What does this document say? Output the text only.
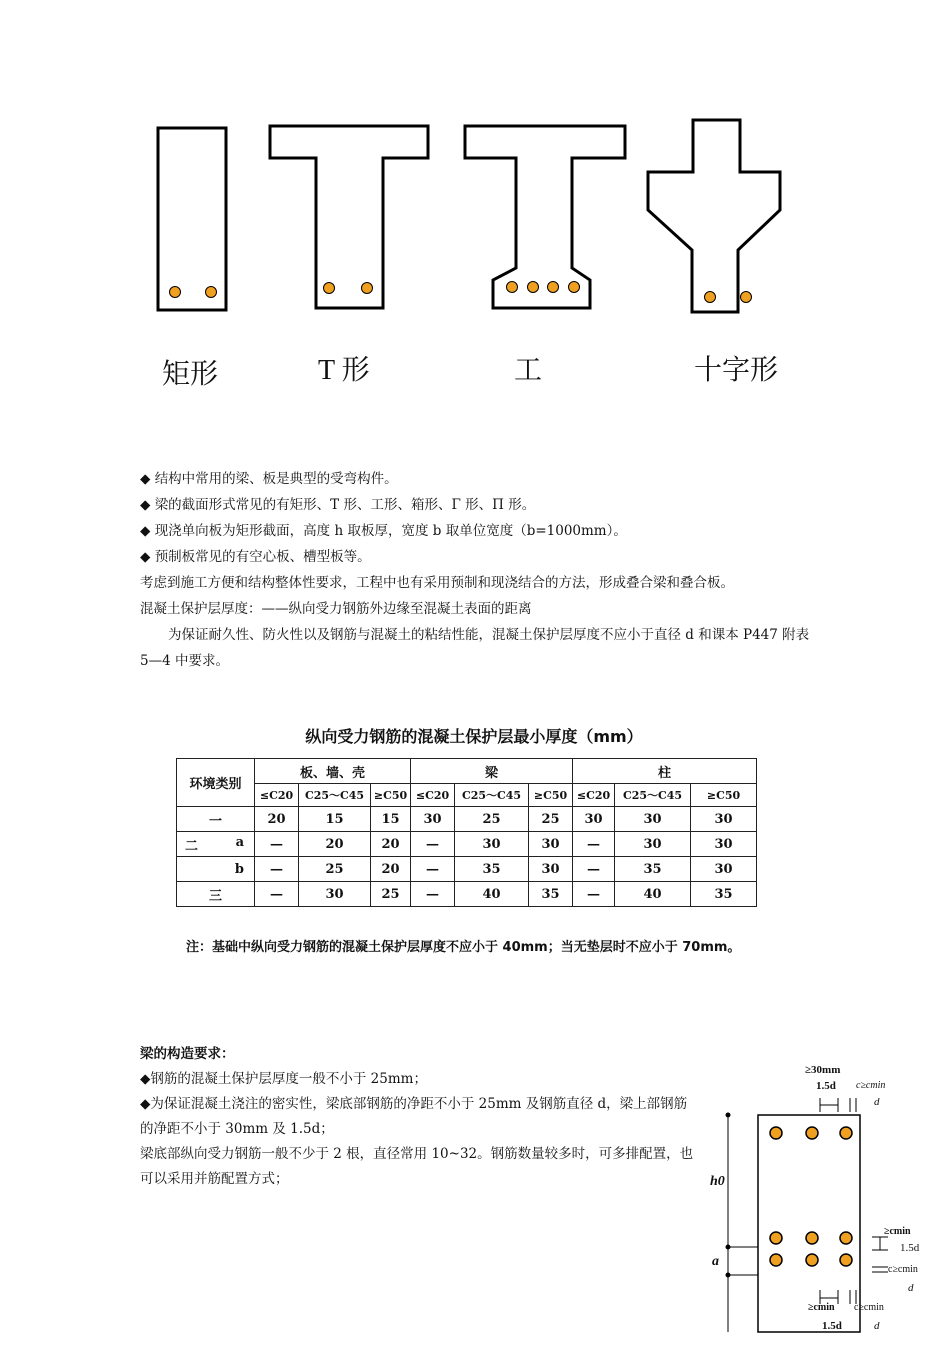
矩形	T 形	工	十字形

◆ 结构中常用的梁、板是典型的受弯构件。

◆ 梁的截面形式常见的有矩形、T 形、工形、箱形、Γ 形、Π 形。

◆ 现浇单向板为矩形截面，高度 h 取板厚，宽度 b 取单位宽度（b=1000mm）。

◆ 预制板常见的有空心板、槽型板等。

考虑到施工方便和结构整体性要求，工程中也有采用预制和现浇结合的方法，形成叠合梁和叠合板。

混凝土保护层厚度：——纵向受力钢筋外边缘至混凝土表面的距离

为保证耐久性、防火性以及钢筋与混凝土的粘结性能，混凝土保护层厚度不应小于直径 d 和课本 P447 附表 5—4 中要求。

纵向受力钢筋的混凝土保护层最小厚度（mm）
环境类别	板、墙、壳			梁			柱		
	≤C20	C25～C45	≥C50	≤C20	C25～C45	≥C50	≤C20	C25～C45	≥C50
一	20	15	15	30	25	25	30	30	30
二 a	—	20	20	—	30	30	—	30	30
b	—	25	20	—	35	30	—	35	30
三	—	30	25	—	40	35	—	40	35
注：基础中纵向受力钢筋的混凝土保护层厚度不应小于 40mm；当无垫层时不应小于 70mm。

梁的构造要求：

◆钢筋的混凝土保护层厚度一般不小于 25mm；

◆为保证混凝土浇注的密实性，梁底部钢筋的净距不小于 25mm 及钢筋直径 d，梁上部钢筋的净距不小于 30mm 及 1.5d；

梁底部纵向受力钢筋一般不少于 2 根，直径常用 10~32。钢筋数量较多时，可多排配置，也可以采用并筋配置方式；

≥30mm
1.5d c≥cmin
d
h0
a
≥cmin
1.5d
c≥cmin
d
≥cmin c≥cmin
1.5d	d
